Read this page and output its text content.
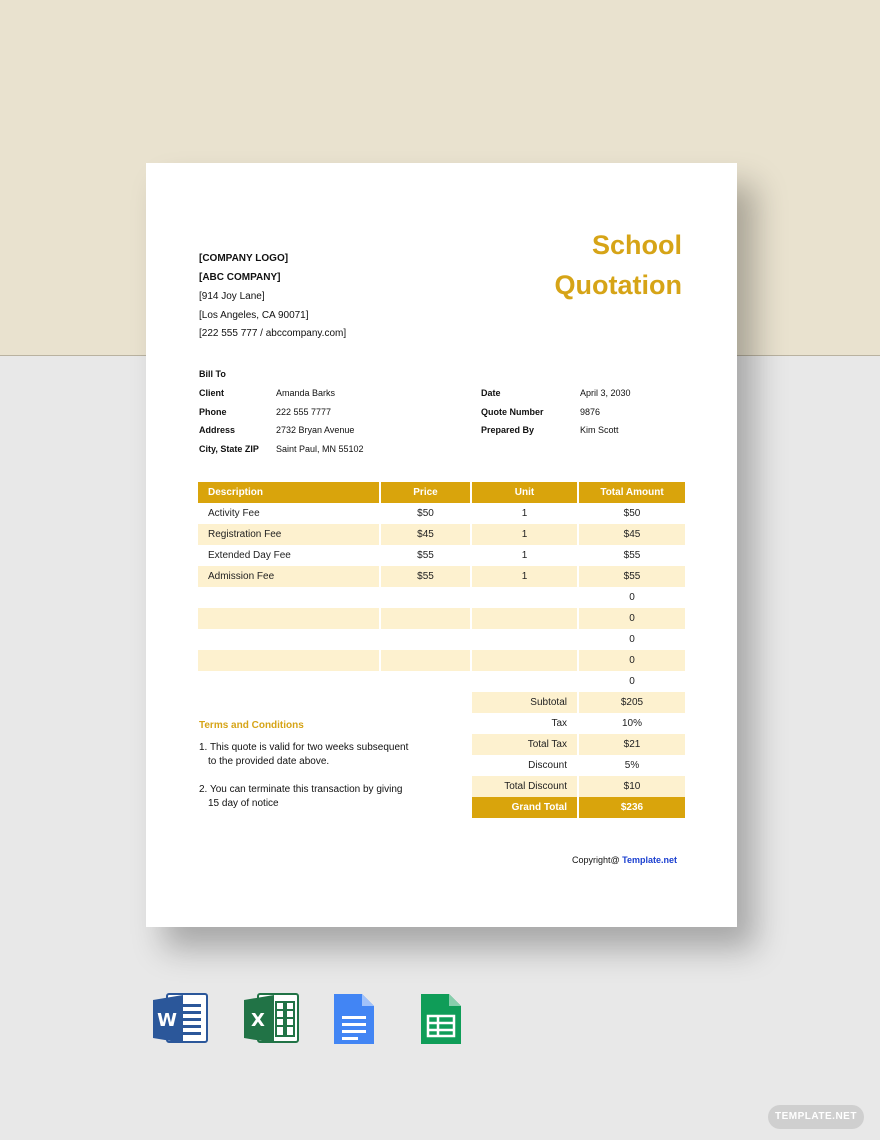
School
Quotation
[COMPANY LOGO]
[ABC COMPANY]
[914 Joy Lane]
[Los Angeles, CA 90071]
[222 555 777 / abccompany.com]
Bill To
Client	Amanda Barks
Phone	222 555 7777
Address	2732 Bryan Avenue
City, State ZIP Saint Paul, MN 55102
Date	April 3, 2030
Quote Number	9876
Prepared By	Kim Scott
Description	Price	Unit	Total Amount
Activity Fee	$50	1	$50
Registration Fee	$45	1	$45
Extended Day Fee	$55	1	$55
Admission Fee	$55	1	$55
			0
			0
			0
			0
			0
Subtotal	$205
Tax	10%
Total Tax	$21
Discount	5%
Total Discount	$10
Grand Total	$236
Terms and Conditions
1. This quote is valid for two weeks subsequent
to the provided date above.
2. You can terminate this transaction by giving
15 day of notice
Copyright@ Template.net
W	X
TEMPLATE.NET
